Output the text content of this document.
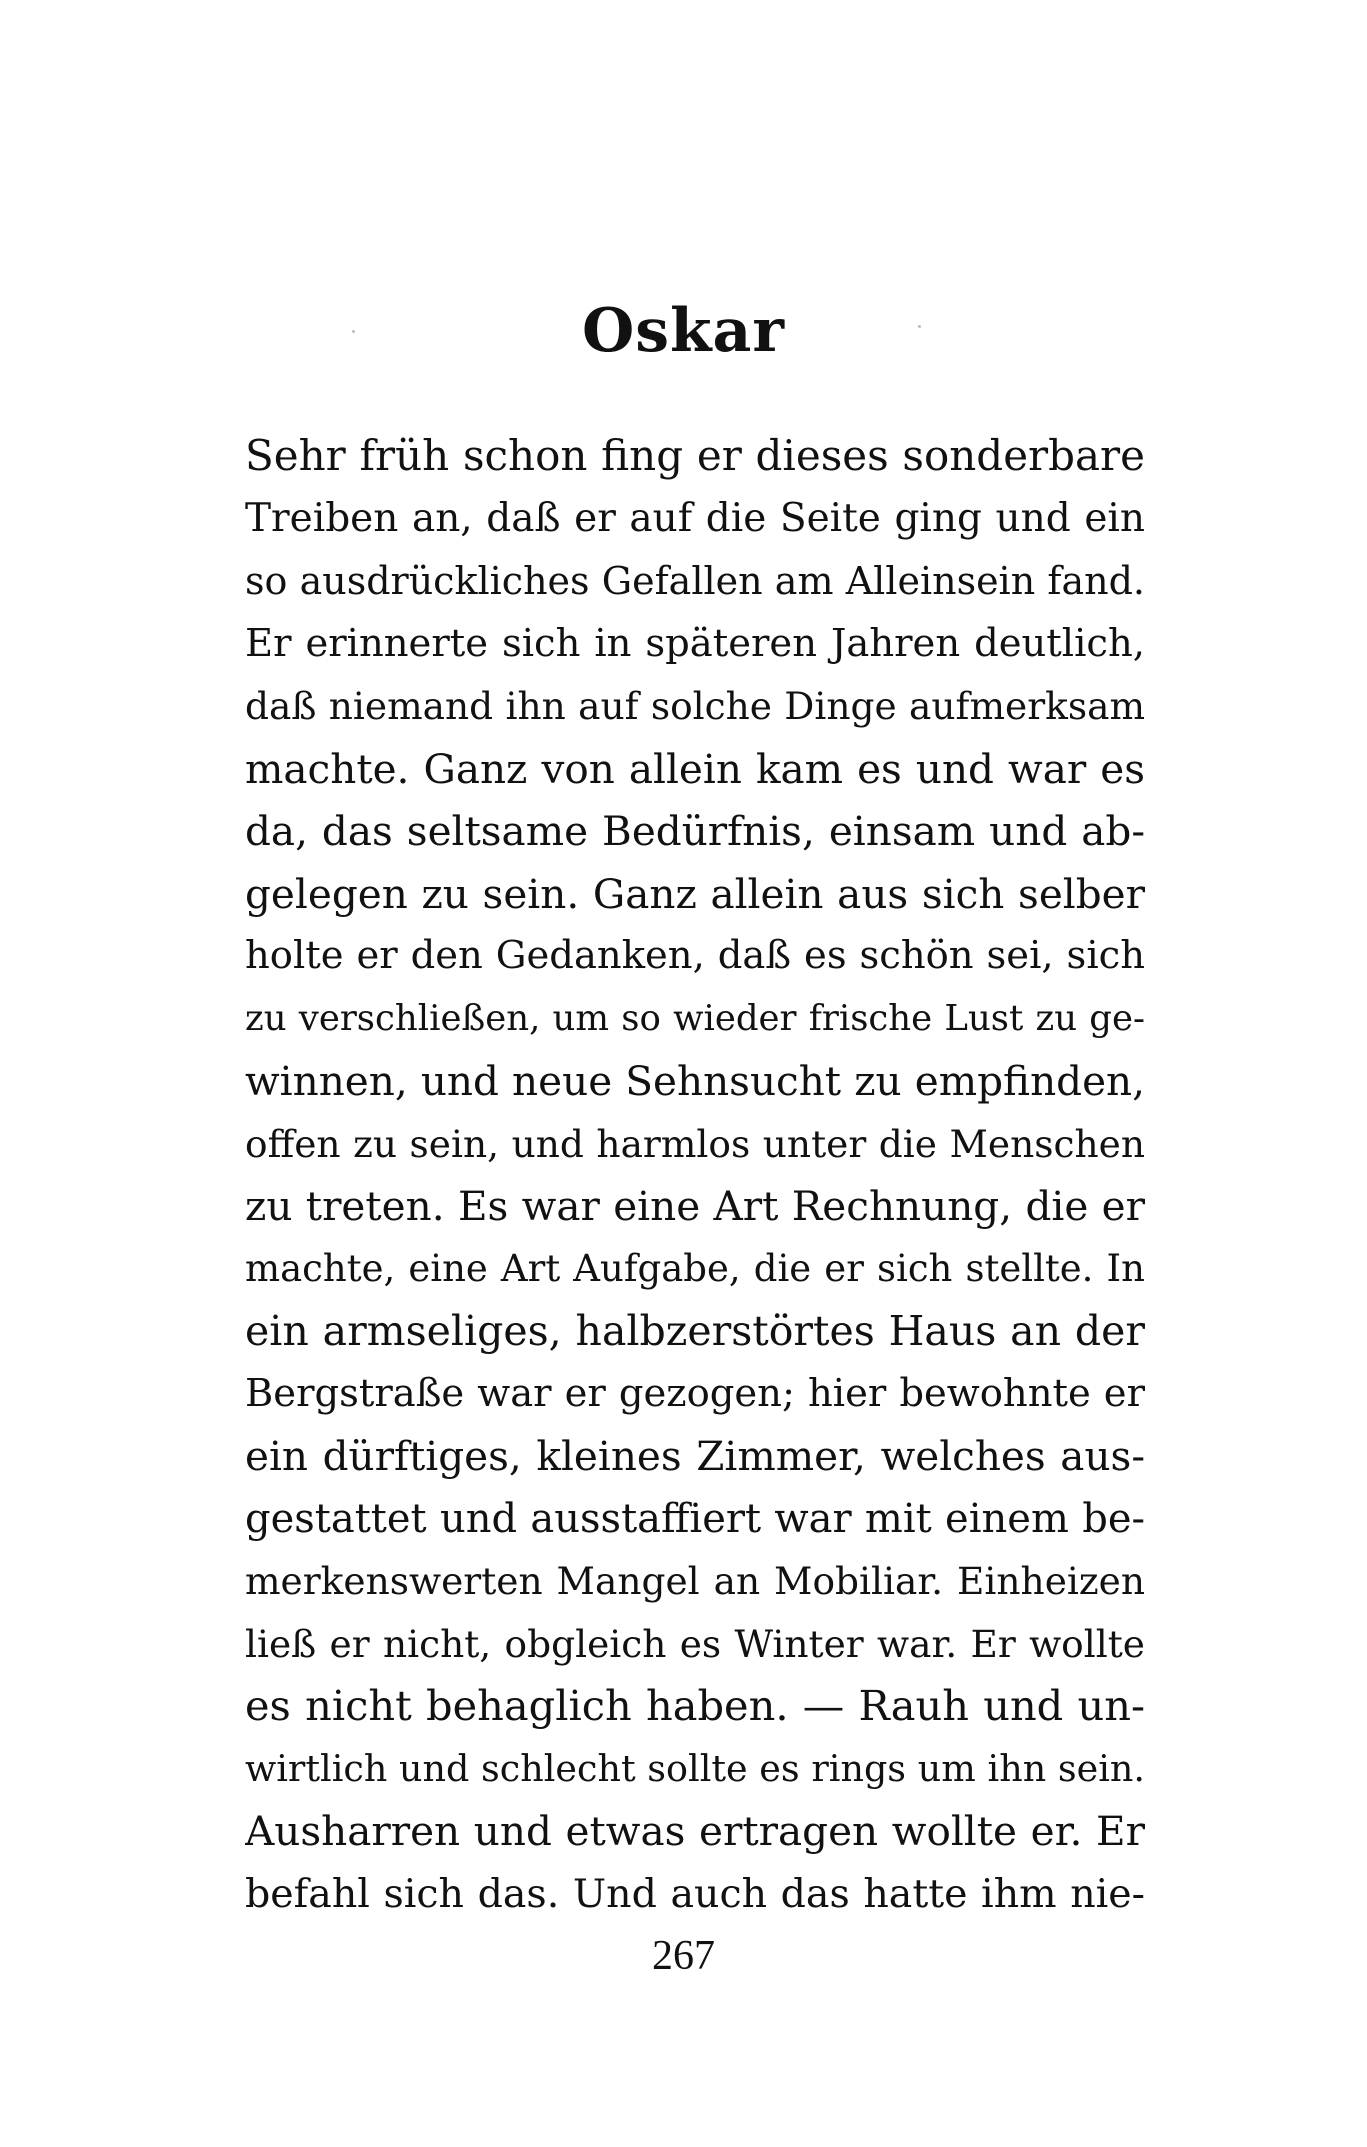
Oskar
Sehr früh schon fing er dieses sonderbare
Treiben an, daß er auf die Seite ging und ein
so ausdrückliches Gefallen am Alleinsein fand.
Er erinnerte sich in späteren Jahren deutlich,
daß niemand ihn auf solche Dinge aufmerksam
machte. Ganz von allein kam es und war es
da, das seltsame Bedürfnis, einsam und ab-
gelegen zu sein. Ganz allein aus sich selber
holte er den Gedanken, daß es schön sei, sich
zu verschließen, um so wieder frische Lust zu ge-
winnen, und neue Sehnsucht zu empfinden,
offen zu sein, und harmlos unter die Menschen
zu treten. Es war eine Art Rechnung, die er
machte, eine Art Aufgabe, die er sich stellte. In
ein armseliges, halbzerstörtes Haus an der
Bergstraße war er gezogen; hier bewohnte er
ein dürftiges, kleines Zimmer, welches aus-
gestattet und ausstaffiert war mit einem be-
merkenswerten Mangel an Mobiliar. Einheizen
ließ er nicht, obgleich es Winter war. Er wollte
es nicht behaglich haben. — Rauh und un-
wirtlich und schlecht sollte es rings um ihn sein.
Ausharren und etwas ertragen wollte er. Er
befahl sich das. Und auch das hatte ihm nie-
267
